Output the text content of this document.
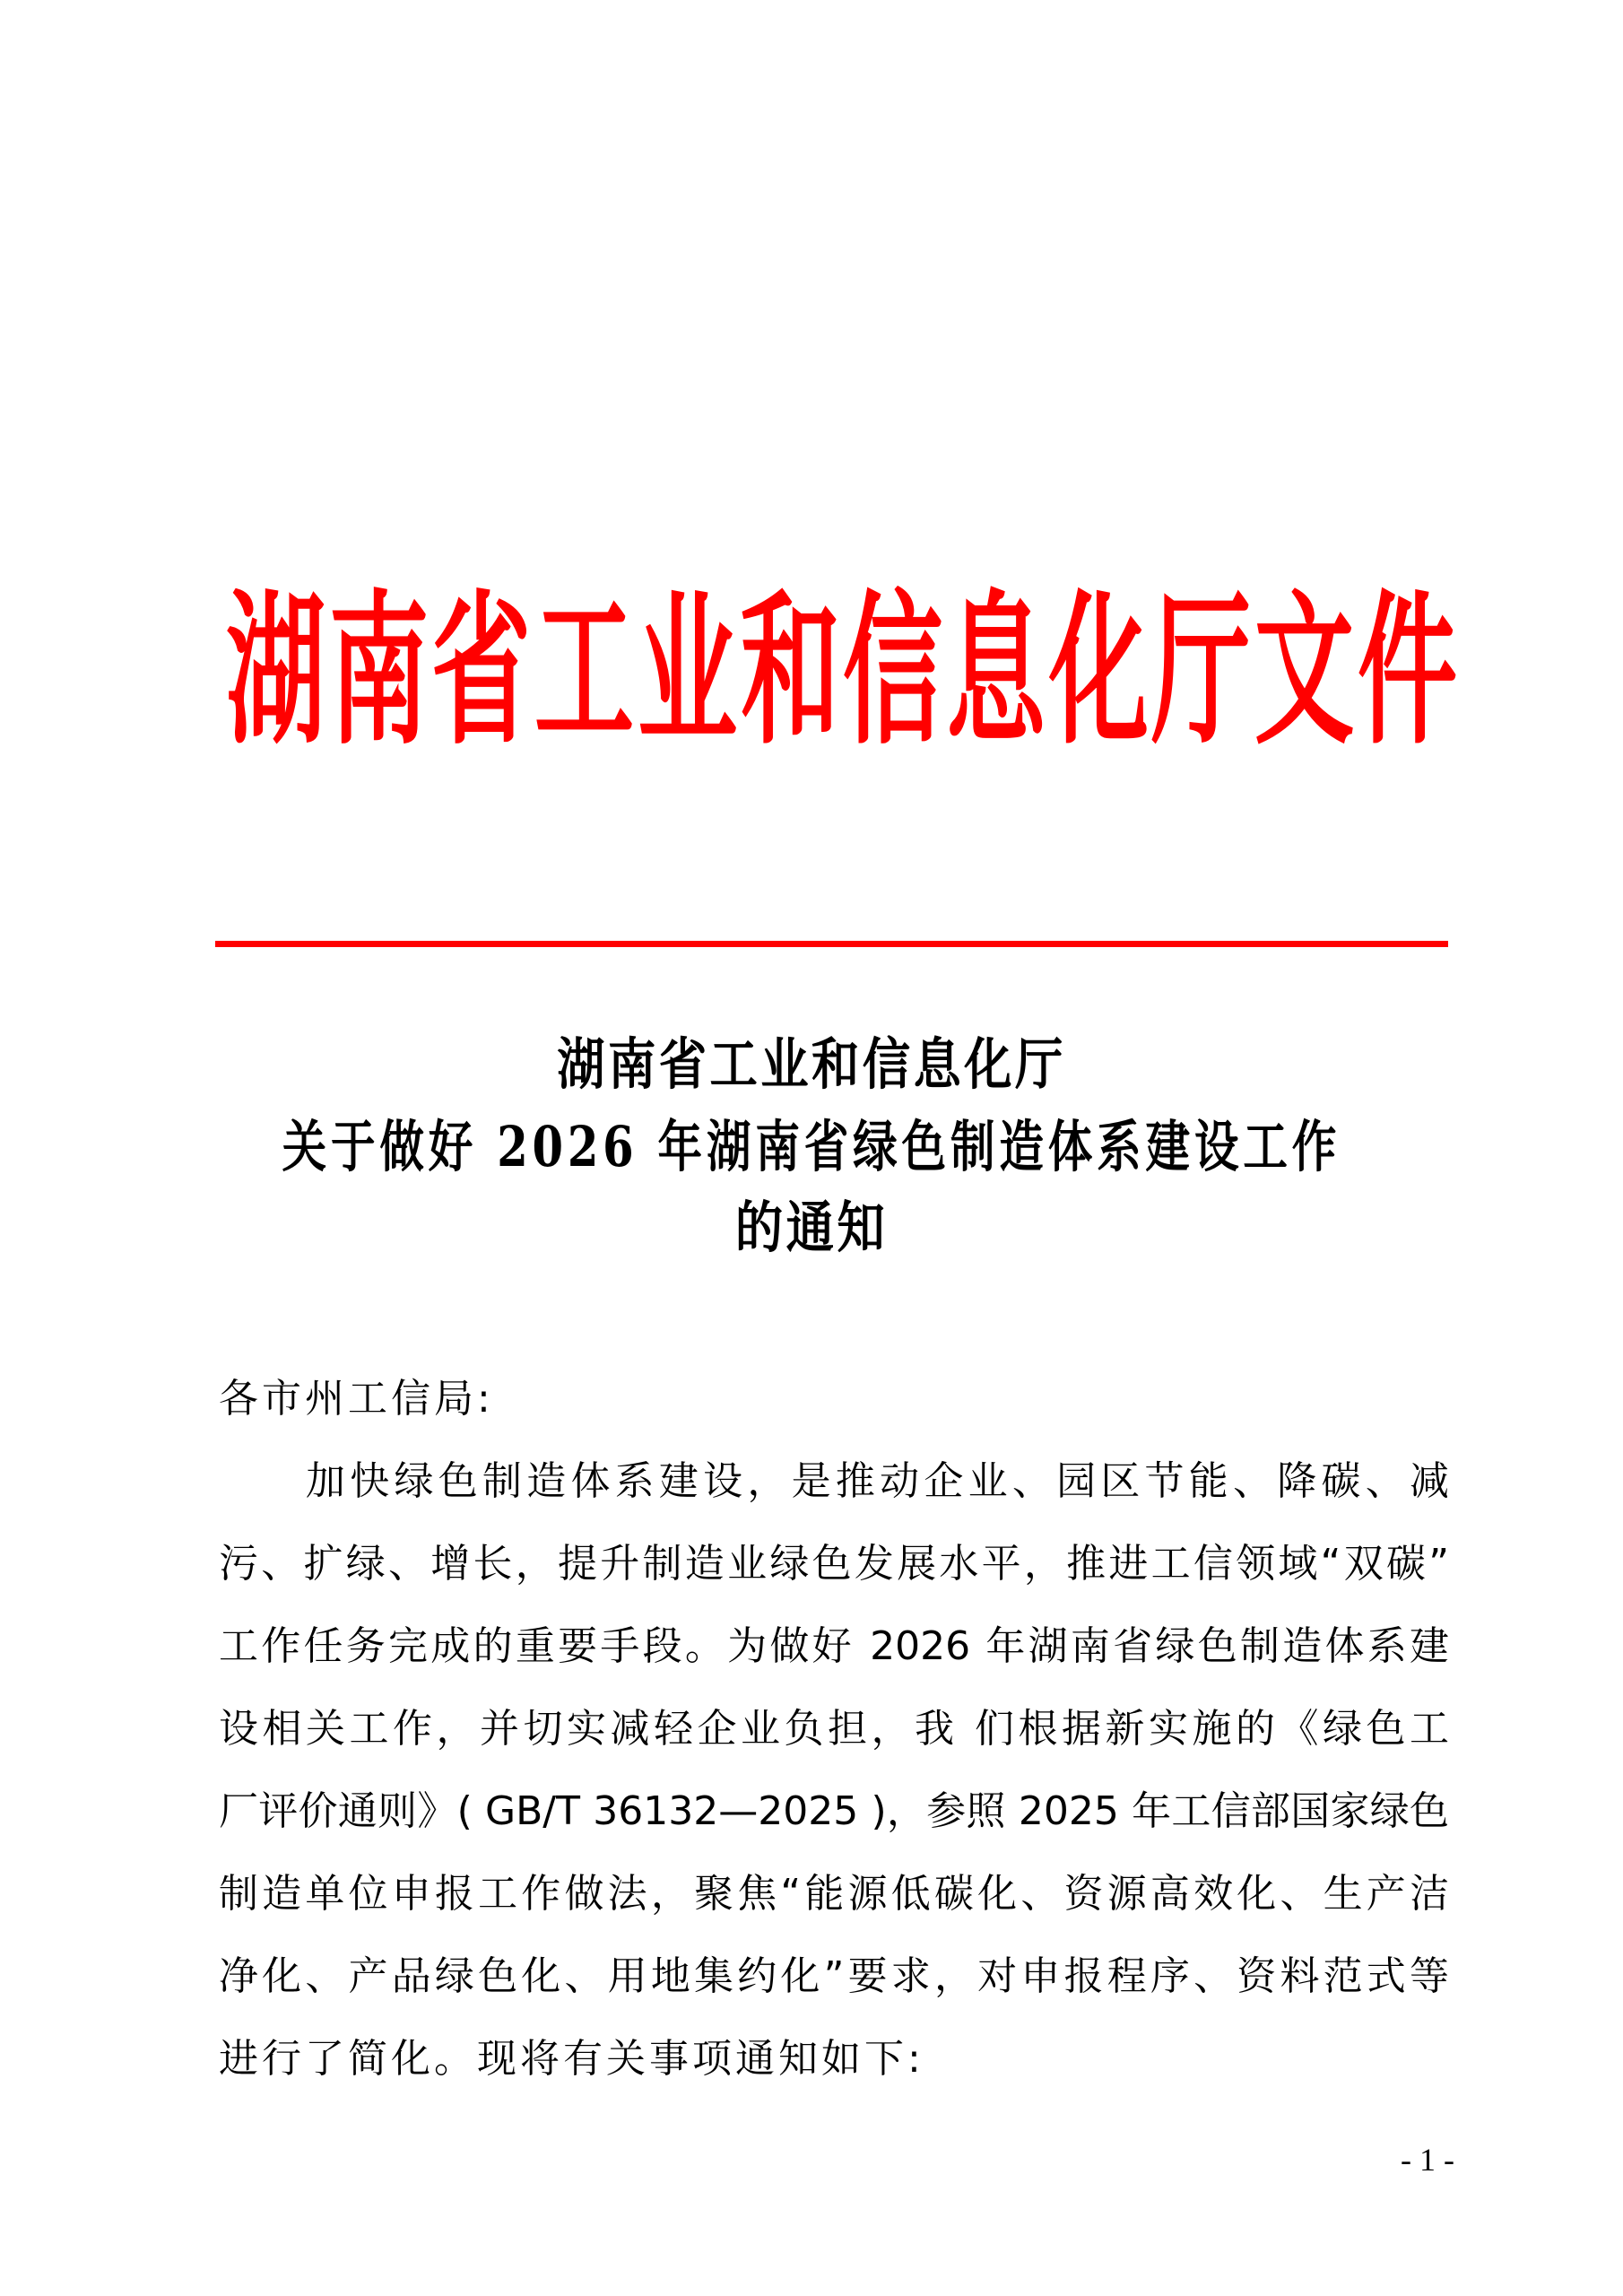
湖 南 省 工 业 和 信 息 化 厅 文 件
湖南省工业和信息化厅
关于做好 2026 年湖南省绿色制造体系建设工作
的通知
各市州工信局:
加快绿色制造体系建设，是推动企业、园区节能、降碳、减
污、扩绿、增长，提升制造业绿色发展水平，推进工信领域“双碳”
工作任务完成的重要手段。为做好 2026 年湖南省绿色制造体系建
设相关工作，并切实减轻企业负担，我 们根据新实施的《绿色工
厂评价通则》( GB/T 36132—2025 )，参照 2025 年工信部国家绿色
制造单位申报工作做法，聚焦“能源低碳化、资源高效化、生产洁
净化、产品绿色化、用地集约化”要求，对申报程序、资料范式等
进行了简化。现将有关事项通知如下:
- 1 -
